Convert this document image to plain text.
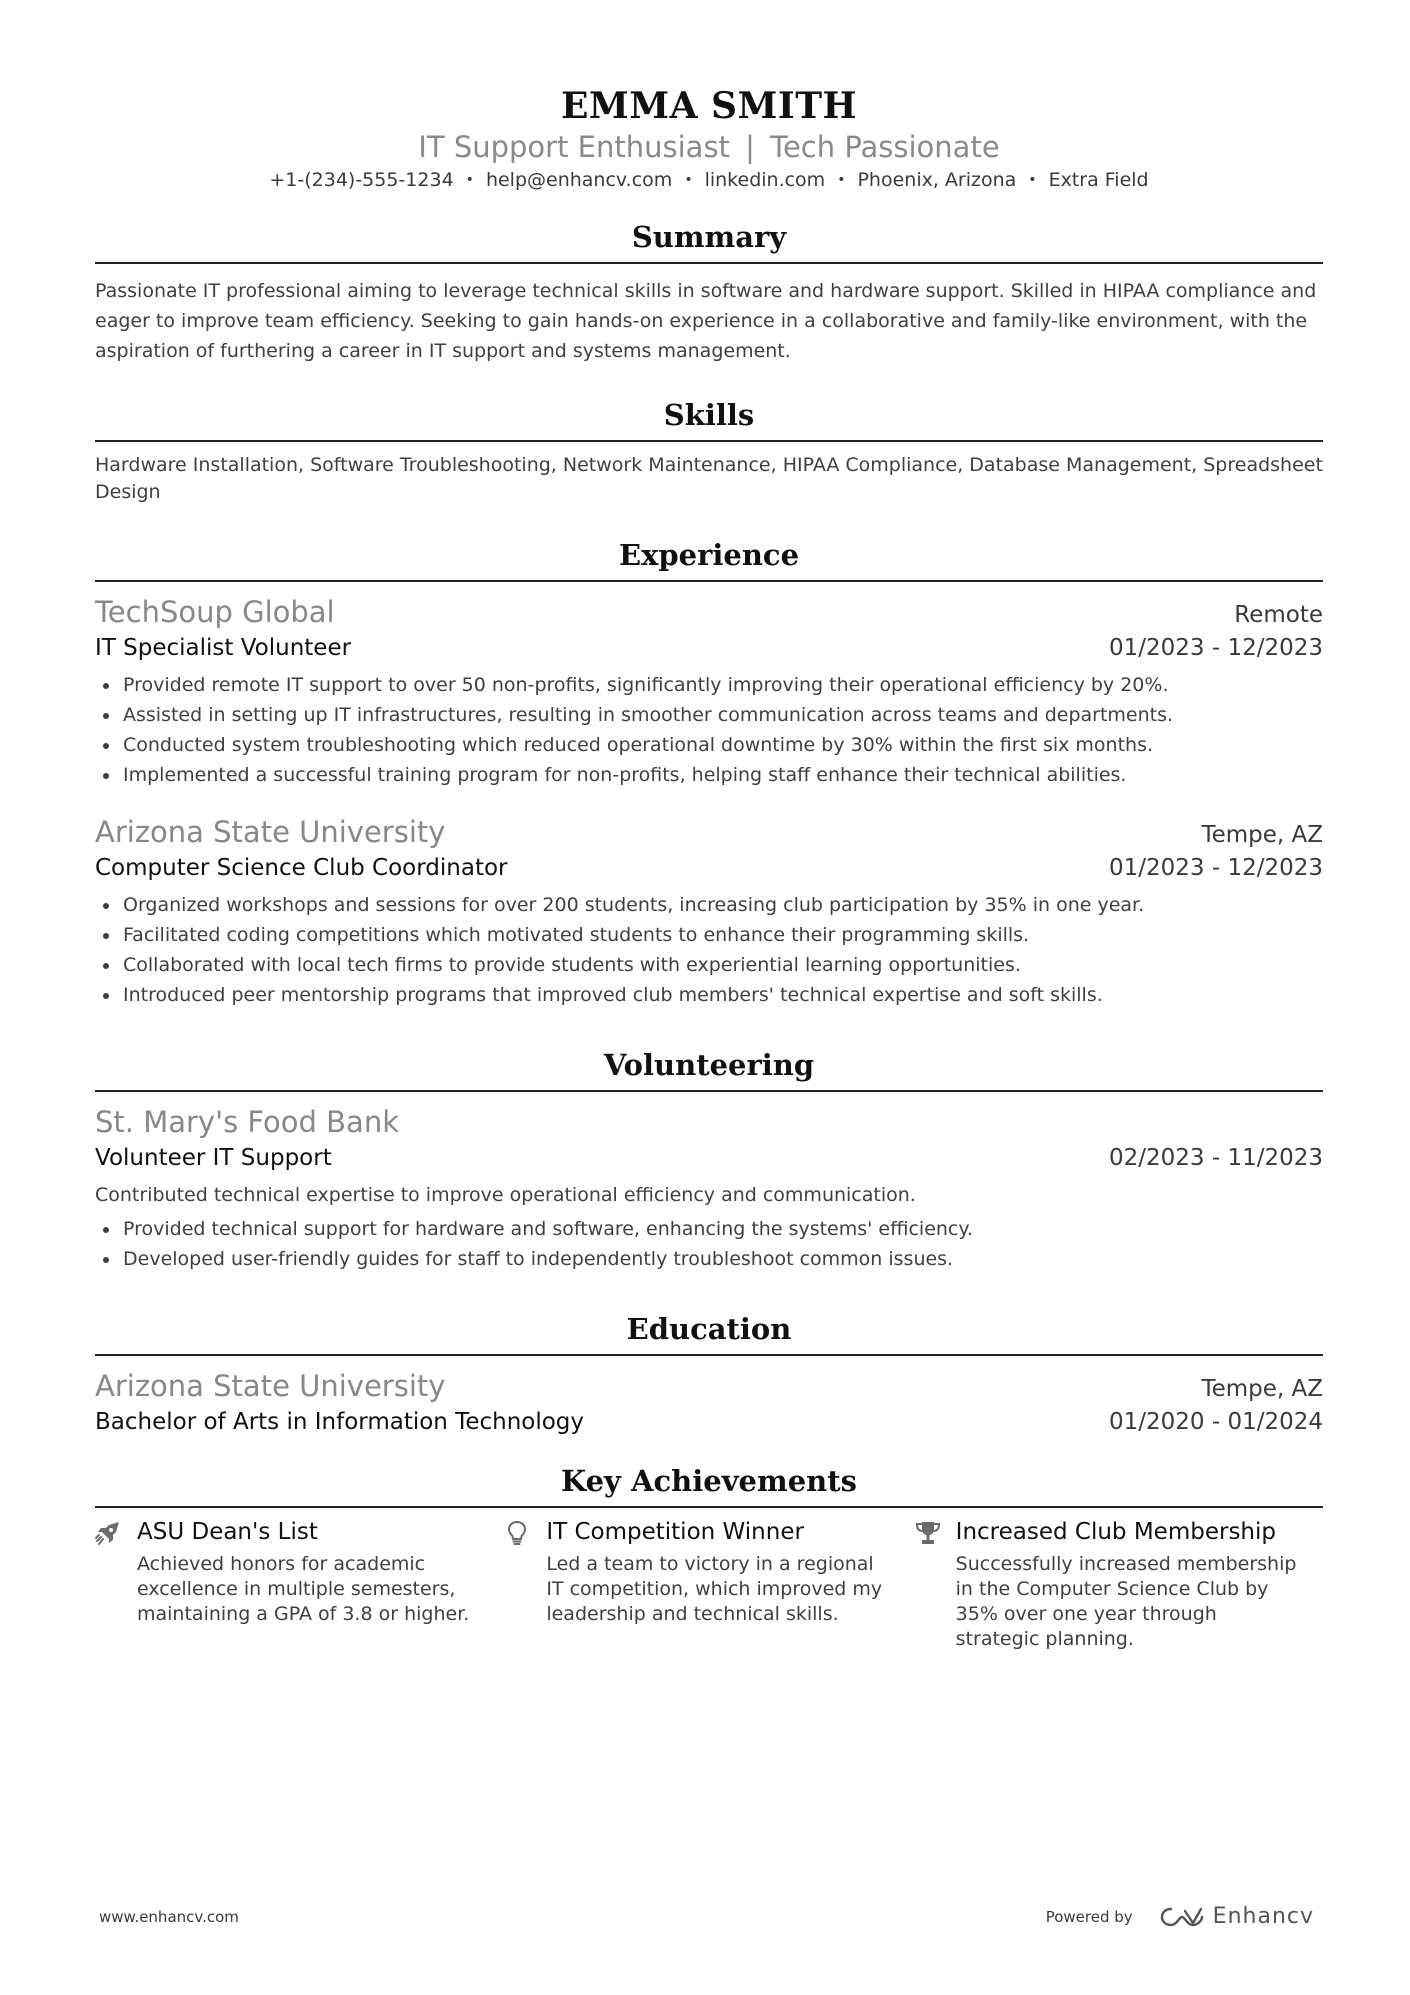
EMMA SMITH
IT Support Enthusiast | Tech Passionate
+1-(234)-555-1234 • help@enhancv.com • linkedin.com • Phoenix, Arizona • Extra Field
Summary
Passionate IT professional aiming to leverage technical skills in software and hardware support. Skilled in HIPAA compliance and eager to improve team efficiency. Seeking to gain hands-on experience in a collaborative and family-like environment, with the aspiration of furthering a career in IT support and systems management.
Skills
Hardware Installation, Software Troubleshooting, Network Maintenance, HIPAA Compliance, Database Management, Spreadsheet Design
Experience
TechSoup Global	Remote
IT Specialist Volunteer	01/2023 - 12/2023
Provided remote IT support to over 50 non-profits, significantly improving their operational efficiency by 20%.
Assisted in setting up IT infrastructures, resulting in smoother communication across teams and departments.
Conducted system troubleshooting which reduced operational downtime by 30% within the first six months.
Implemented a successful training program for non-profits, helping staff enhance their technical abilities.
Arizona State University	Tempe, AZ
Computer Science Club Coordinator	01/2023 - 12/2023
Organized workshops and sessions for over 200 students, increasing club participation by 35% in one year.
Facilitated coding competitions which motivated students to enhance their programming skills.
Collaborated with local tech firms to provide students with experiential learning opportunities.
Introduced peer mentorship programs that improved club members' technical expertise and soft skills.
Volunteering
St. Mary's Food Bank
Volunteer IT Support	02/2023 - 11/2023
Contributed technical expertise to improve operational efficiency and communication.
Provided technical support for hardware and software, enhancing the systems' efficiency.
Developed user-friendly guides for staff to independently troubleshoot common issues.
Education
Arizona State University	Tempe, AZ
Bachelor of Arts in Information Technology	01/2020 - 01/2024
Key Achievements
ASU Dean's List
Achieved honors for academic excellence in multiple semesters, maintaining a GPA of 3.8 or higher.
IT Competition Winner
Led a team to victory in a regional IT competition, which improved my leadership and technical skills.
Increased Club Membership
Successfully increased membership in the Computer Science Club by 35% over one year through strategic planning.
www.enhancv.com	Powered by	Enhancv
